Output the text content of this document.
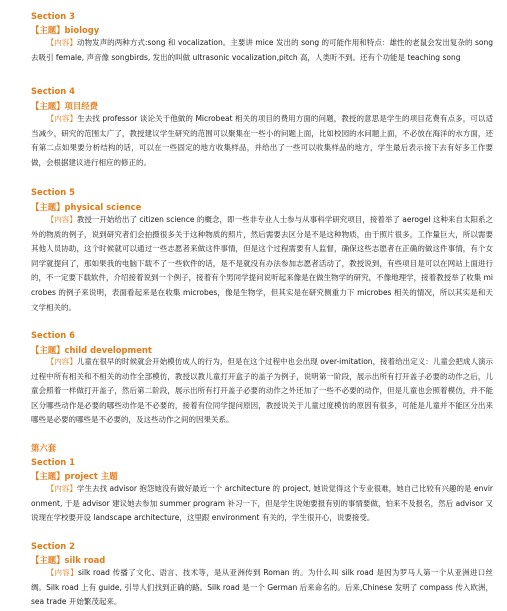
Section 3

【主题】biology

【内容】动物发声的两种方式:song 和 vocalization。主要讲 mice 发出的 song 的可能作用和特点：雄性的老鼠会发出复杂的 song 去吸引 female, 声音像 songbirds, 发出的叫做 ultrasonic vocalization,pitch 高，人类听不到。还有个功能是 teaching song

Section 4

【主题】项目经费

【内容】生去找 professor 谈论关于他做的 Microbeat 相关的项目的费用方面的问题，教授的意思是学生的项目花费有点多，可以适当减少，研究的范围太广了，教授建议学生研究的范围可以聚集在一些小的问题上面，比如校园的水问题上面，不必放在海洋的水方面，还有第二点如果要分析结构的话，可以在一些固定的地方收集样品，并给出了一些可以收集样品的地方，学生最后表示接下去有好多工作要做，会根据建议进行相应的修正的。

Section 5

【主题】physical science

【内容】教授一开始给出了 citizen science 的概念，即一些非专业人士参与从事科学研究项目，接着举了 aerogel 这种来自太阳系之外的物质的例子，说到研究者们会拍摄很多关于这种物质的照片，然后需要去区分是不是这种物质，由于照片很多，工作量巨大，所以需要其他人员协助，这个时候就可以通过一些志愿者来做这件事情，但是这个过程需要有人监督，确保这些志愿者在正确的做这件事情，有个女同学就提问了，那如果我的电脑下载不了一些软件的话，是不是就没有办法参加志愿者活动了，教授说到，有些项目是可以在网站上面进行的，不一定要下载软件，介绍接着说到一个例子，接着有个男同学提问说听起来像是在做生物学的研究，不像地理学，接着教授举了收集 microbes 的例子来说明，表面看起来是在收集 microbes，像是生物学，但其实是在研究侧重力下 microbes 相关的情况，所以其实是和天文学相关的。

Section 6

【主题】child development

【内容】儿童在很早的时候就会开始模仿成人的行为，但是在这个过程中也会出现 over-imitation，接着给出定义：儿童会把成人演示过程中所有相关和不相关的动作全部模仿，教授以教儿童打开盒子的盖子为例子，说明第一阶段，展示出所有打开盖子必要的动作之后，儿童会照着一样做打开盖子，然后第二阶段，展示出所有打开盖子必要的动作之外还加了一些不必要的动作，但是儿童也会照着模仿，并不能区分哪些动作是必要的哪些动作是不必要的，接着有位同学提问原因，教授说关于儿童过度模仿的原因有很多，可能是儿童并不能区分出来哪些是必要的哪些是不必要的，及这些动作之间的因果关系。

第六套

Section 1

【主题】project 主题

【内容】学生去找 advisor 抱怨她没有做好最近一个 architecture 的 project, 她说觉得这个专业很难，她自己比较有兴趣的是 environment, 于是 advisor 建议她去参加 summer program 补习一下，但是学生说她要报有别的事情要做，怕来不及报名，然后 advisor 又说现在学校要开设 landscape architecture，这里跟 environment 有关的，学生很开心，说要接受。

Section 2

【主题】silk road

【内容】silk road 传播了文化、语言、技术等，是从亚洲传到 Roman 的。为什么叫 silk road 是因为罗马人第一个从亚洲进口丝绸。Silk road 上有 guide, 引导人们找到正确的路。Silk road 是一个 German 后来命名的。后来,Chinese 发明了 compass 传入欧洲，sea trade 开始繁茂起来。
